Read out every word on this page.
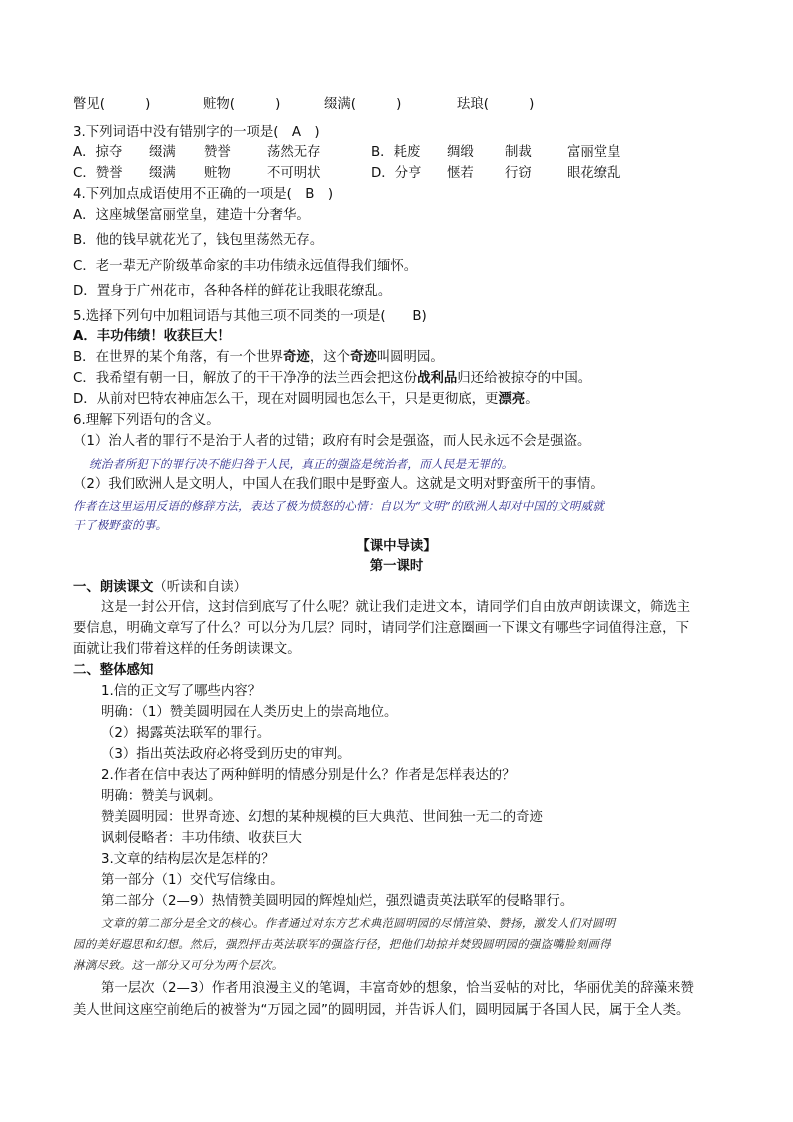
瞥见(　　　)	赃物(　　　)	缀满(　　　)	珐琅(　　　)
3.下列词语中没有错别字的一项是(　A　)
A．掠夺 缀满 赞誉	荡然无存	B．耗废 绸缎 制裁	富丽堂皇
C．赞誉 缀满 赃物	不可明状	D．分亨 惬若 行窃	眼花缭乱
4.下列加点成语使用不正确的一项是(　B　)
A．这座城堡富丽堂皇，建造十分奢华。
B．他的钱早就花光了，钱包里荡然无存。
C．老一辈无产阶级革命家的丰功伟绩永远值得我们缅怀。
D．置身于广州花市，各种各样的鲜花让我眼花缭乱。
5.选择下列句中加粗词语与其他三项不同类的一项是(　　B)
A．丰功伟绩！收获巨大！
B．在世界的某个角落，有一个世界奇迹，这个奇迹叫圆明园。
C．我希望有朝一日，解放了的干干净净的法兰西会把这份战利品归还给被掠夺的中国。
D．从前对巴特农神庙怎么干，现在对圆明园也怎么干，只是更彻底，更漂亮。
6.理解下列语句的含义。
（1）治人者的罪行不是治于人者的过错；政府有时会是强盗，而人民永远不会是强盗。
统治者所犯下的罪行决不能归咎于人民，真正的强盗是统治者，而人民是无罪的。
（2）我们欧洲人是文明人，中国人在我们眼中是野蛮人。这就是文明对野蛮所干的事情。
作者在这里运用反语的修辞方法，表达了极为愤怒的心情：自以为“文明”的欧洲人却对中国的文明威就
干了极野蛮的事。
【课中导读】
第一课时
一、朗读课文（听读和自读）
这是一封公开信，这封信到底写了什么呢？就让我们走进文本，请同学们自由放声朗读课文，筛选主
要信息，明确文章写了什么？可以分为几层？同时，请同学们注意圈画一下课文有哪些字词值得注意，下
面就让我们带着这样的任务朗读课文。
二、整体感知
1.信的正文写了哪些内容？
明确：（1）赞美圆明园在人类历史上的崇高地位。
（2）揭露英法联军的罪行。
（3）指出英法政府必将受到历史的审判。
2.作者在信中表达了两种鲜明的情感分别是什么？作者是怎样表达的？
明确：赞美与讽刺。
赞美圆明园：世界奇迹、幻想的某种规模的巨大典范、世间独一无二的奇迹
讽刺侵略者：丰功伟绩、收获巨大
3.文章的结构层次是怎样的？
第一部分（1）交代写信缘由。
第二部分（2—9）热情赞美圆明园的辉煌灿烂，强烈谴责英法联军的侵略罪行。
文章的第二部分是全文的核心。作者通过对东方艺术典范圆明园的尽情渲染、赞扬，激发人们对圆明
园的美好遐思和幻想。然后，强烈抨击英法联军的强盗行径，把他们劫掠并焚毁圆明园的强盗嘴脸刻画得
淋漓尽致。这一部分又可分为两个层次。
第一层次（2—3）作者用浪漫主义的笔调，丰富奇妙的想象，恰当妥帖的对比，华丽优美的辞藻来赞
美人世间这座空前绝后的被誉为“万园之园”的圆明园，并告诉人们，圆明园属于各国人民，属于全人类。
